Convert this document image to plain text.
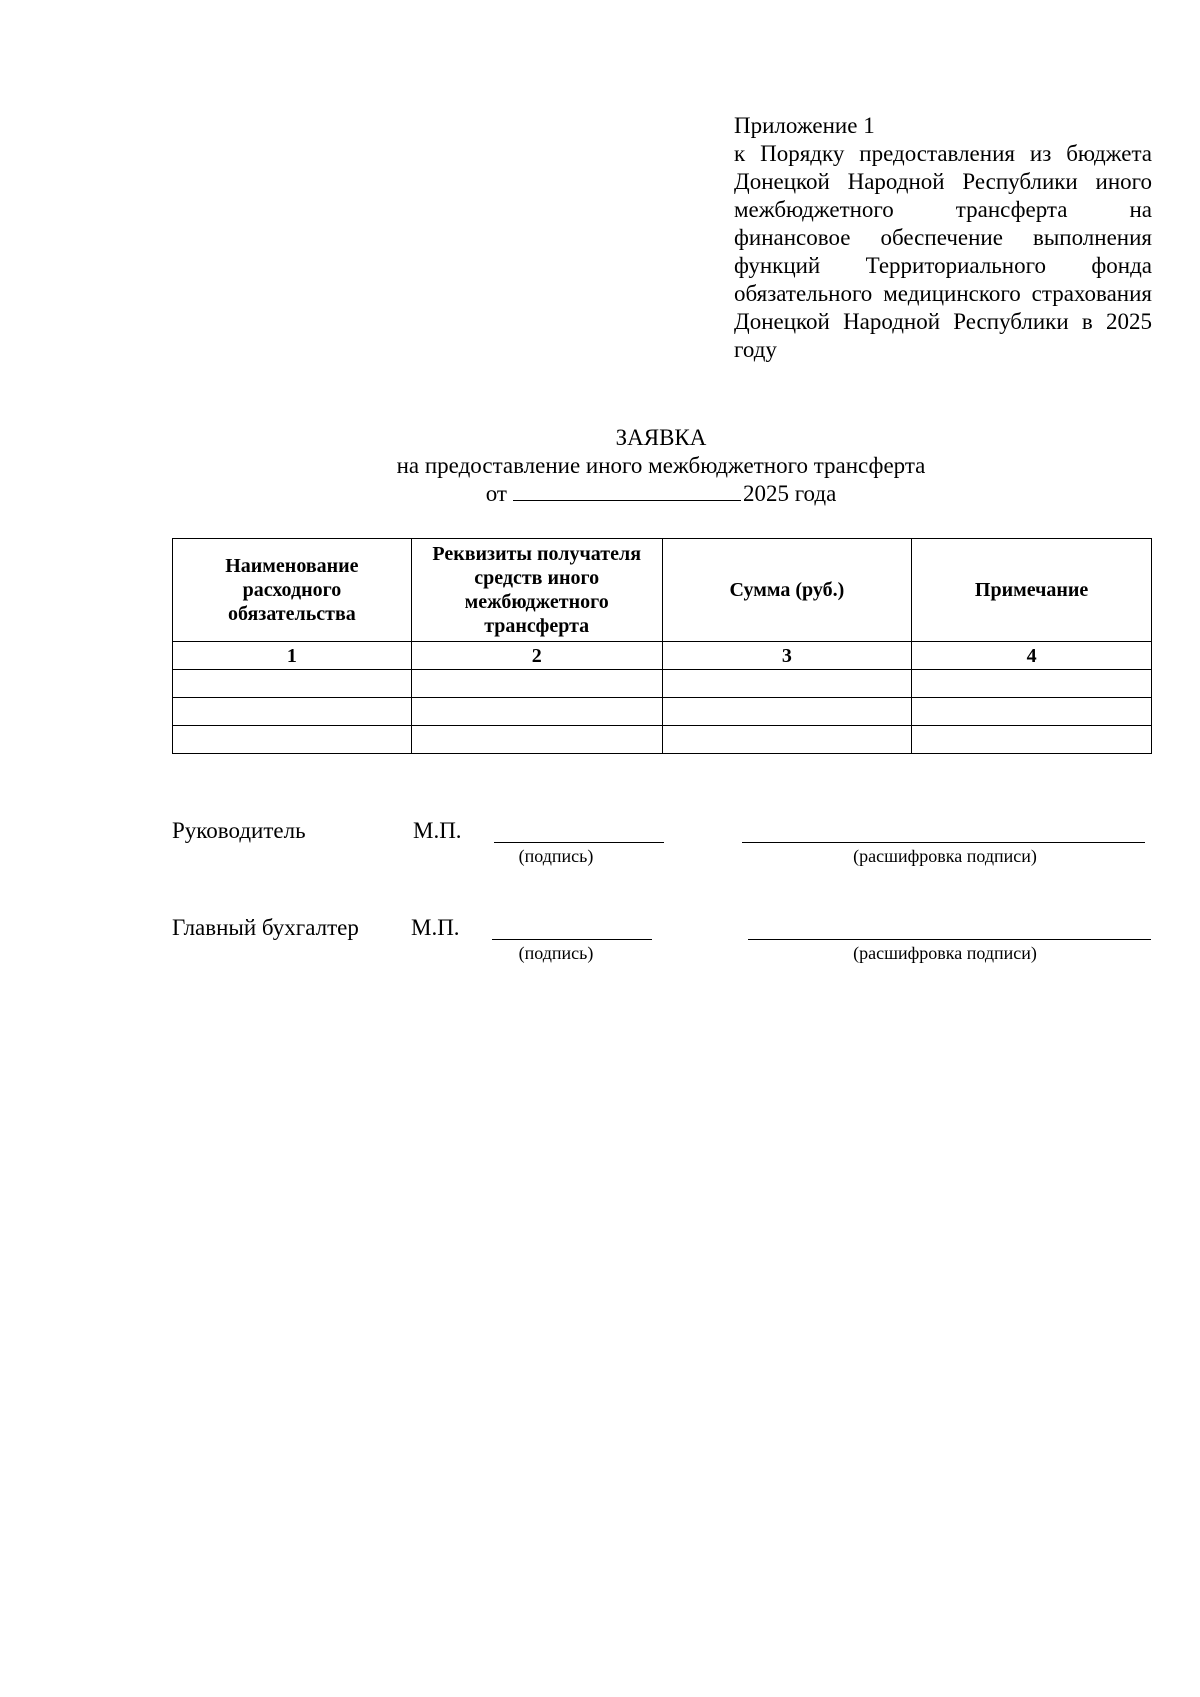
Приложение 1
к Порядку предоставления из бюджета Донецкой Народной Республики иного межбюджетного трансферта на финансовое обеспечение выполнения функций Территориального фонда обязательного медицинского страхования Донецкой Народной Республики в 2025 году
ЗАЯВКА
на предоставление иного межбюджетного трансферта
от	2025 года
Наименование расходного обязательства	Реквизиты получателя средств иного межбюджетного трансферта	Сумма (руб.)	Примечание
1	2	3	4

Руководитель	М.П.
(подпись)	(расшифровка подписи)
Главный бухгалтер М.П.
(подпись)	(расшифровка подписи)
